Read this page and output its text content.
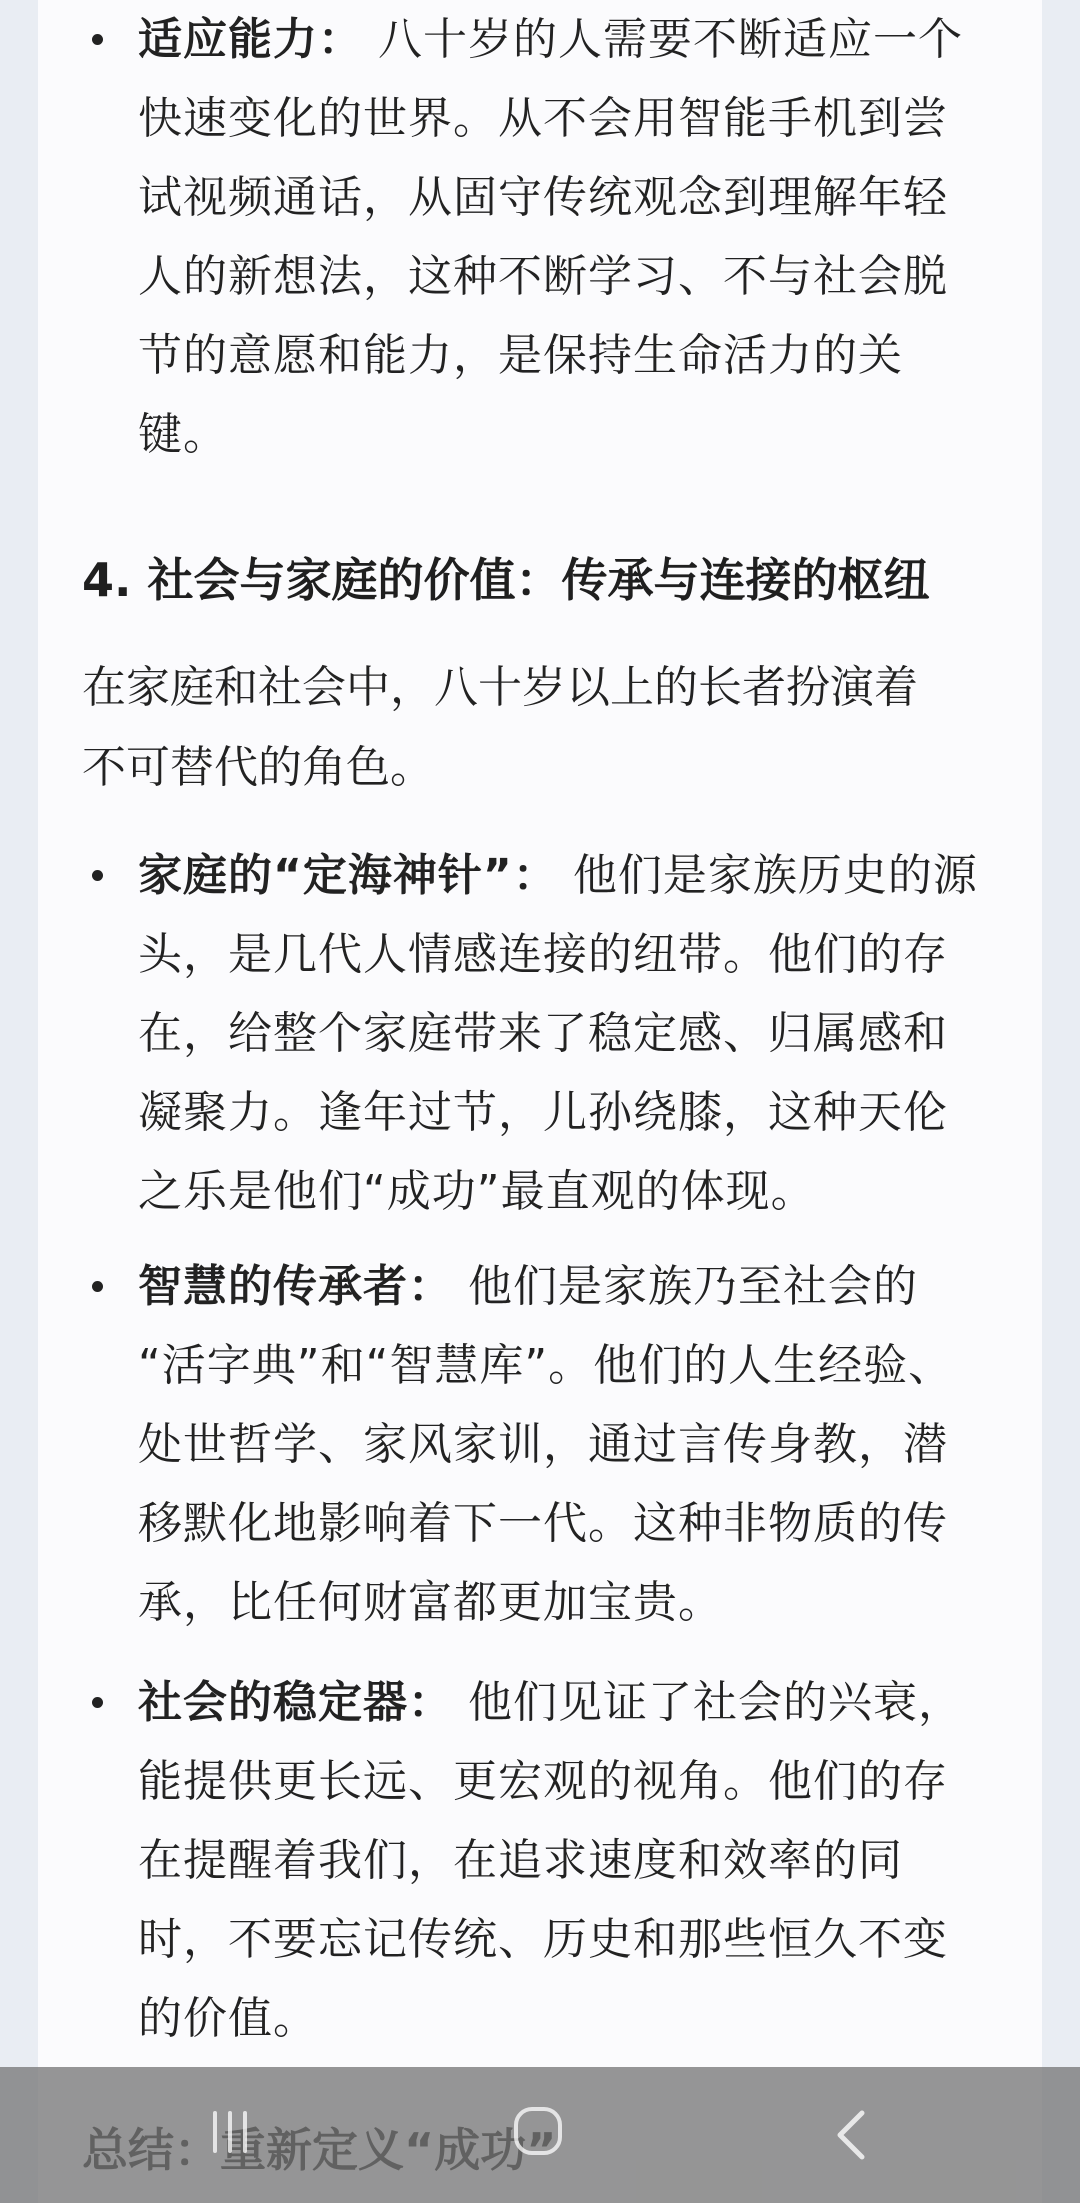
适应能力： 八十岁的人需要不断适应一个
快速变化的世界。从不会用智能手机到尝
试视频通话，从固守传统观念到理解年轻
人的新想法，这种不断学习、不与社会脱
节的意愿和能力，是保持生命活力的关
键。
4. 社会与家庭的价值：传承与连接的枢纽
在家庭和社会中，八十岁以上的长者扮演着
不可替代的角色。
家庭的“定海神针”： 他们是家族历史的源
头，是几代人情感连接的纽带。他们的存
在，给整个家庭带来了稳定感、归属感和
凝聚力。逢年过节，儿孙绕膝，这种天伦
之乐是他们“成功”最直观的体现。
智慧的传承者： 他们是家族乃至社会的
“活字典”和“智慧库”。他们的人生经验、
处世哲学、家风家训，通过言传身教，潜
移默化地影响着下一代。这种非物质的传
承，比任何财富都更加宝贵。
社会的稳定器： 他们见证了社会的兴衰，
能提供更长远、更宏观的视角。他们的存
在提醒着我们，在追求速度和效率的同
时，不要忘记传统、历史和那些恒久不变
的价值。
